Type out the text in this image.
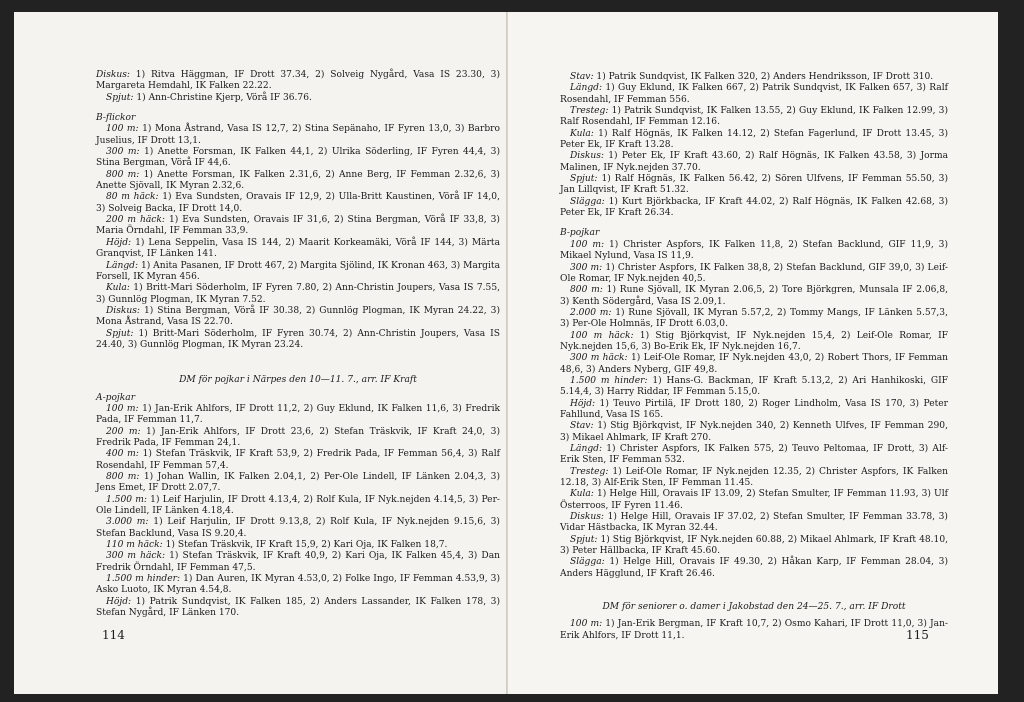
Diskus: 1) Ritva Häggman, IF Drott 37.34, 2) Solveig Nygård, Vasa IS 23.30, 3) Margareta Hemdahl, IK Falken 22.22.

Spjut: 1) Ann-Christine Kjerp, Vörå IF 36.76.

B-flickor

100 m: 1) Mona Åstrand, Vasa IS 12,7, 2) Stina Sepänaho, IF Fyren 13,0, 3) Barbro Juselius, IF Drott 13,1.

300 m: 1) Anette Forsman, IK Falken 44,1, 2) Ulrika Söderling, IF Fyren 44,4, 3) Stina Bergman, Vörå IF 44,6.

800 m: 1) Anette Forsman, IK Falken 2.31,6, 2) Anne Berg, IF Femman 2.32,6, 3) Anette Sjövall, IK Myran 2.32,6.

80 m häck: 1) Eva Sundsten, Oravais IF 12,9, 2) Ulla-Britt Kaustinen, Vörå IF 14,0, 3) Solveig Backa, IF Drott 14,0.

200 m häck: 1) Eva Sundsten, Oravais IF 31,6, 2) Stina Bergman, Vörå IF 33,8, 3) Maria Örndahl, IF Femman 33,9.

Höjd: 1) Lena Seppelin, Vasa IS 144, 2) Maarit Korkeamäki, Vörå IF 144, 3) Märta Granqvist, IF Länken 141.

Längd: 1) Anita Pasanen, IF Drott 467, 2) Margita Sjölind, IK Kronan 463, 3) Margita Forsell, IK Myran 456.

Kula: 1) Britt-Mari Söderholm, IF Fyren 7.80, 2) Ann-Christin Joupers, Vasa IS 7.55, 3) Gunnlög Plogman, IK Myran 7.52.

Diskus: 1) Stina Bergman, Vörå IF 30.38, 2) Gunnlög Plogman, IK Myran 24.22, 3) Mona Åstrand, Vasa IS 22.70.

Spjut: 1) Britt-Mari Söderholm, IF Fyren 30.74, 2) Ann-Christin Joupers, Vasa IS 24.40, 3) Gunnlög Plogman, IK Myran 23.24.

DM för pojkar i Närpes den 10—11. 7., arr. IF Kraft

A-pojkar

100 m: 1) Jan-Erik Ahlfors, IF Drott 11,2, 2) Guy Eklund, IK Falken 11,6, 3) Fredrik Pada, IF Femman 11,7.

200 m: 1) Jan-Erik Ahlfors, IF Drott 23,6, 2) Stefan Träskvik, IF Kraft 24,0, 3) Fredrik Pada, IF Femman 24,1.

400 m: 1) Stefan Träskvik, IF Kraft 53,9, 2) Fredrik Pada, IF Femman 56,4, 3) Ralf Rosendahl, IF Femman 57,4.

800 m: 1) Johan Wallin, IK Falken 2.04,1, 2) Per-Ole Lindell, IF Länken 2.04,3, 3) Jens Emet, IF Drott 2.07,7.

1.500 m: 1) Leif Harjulin, IF Drott 4.13,4, 2) Rolf Kula, IF Nyk.nejden 4.14,5, 3) Per-Ole Lindell, IF Länken 4.18,4.

3.000 m: 1) Leif Harjulin, IF Drott 9.13,8, 2) Rolf Kula, IF Nyk.nejden 9.15,6, 3) Stefan Backlund, Vasa IS 9.20,4.

110 m häck: 1) Stefan Träskvik, IF Kraft 15,9, 2) Kari Oja, IK Falken 18,7.

300 m häck: 1) Stefan Träskvik, IF Kraft 40,9, 2) Kari Oja, IK Falken 45,4, 3) Dan Fredrik Örndahl, IF Femman 47,5.

1.500 m hinder: 1) Dan Auren, IK Myran 4.53,0, 2) Folke Ingo, IF Femman 4.53,9, 3) Asko Luoto, IK Myran 4.54,8.

Höjd: 1) Patrik Sundqvist, IK Falken 185, 2) Anders Lassander, IK Falken 178, 3) Stefan Nygård, IF Länken 170.

114

Stav: 1) Patrik Sundqvist, IK Falken 320, 2) Anders Hendriksson, IF Drott 310.

Längd: 1) Guy Eklund, IK Falken 667, 2) Patrik Sundqvist, IK Falken 657, 3) Ralf Rosendahl, IF Femman 556.

Tresteg: 1) Patrik Sundqvist, IK Falken 13.55, 2) Guy Eklund, IK Falken 12.99, 3) Ralf Rosendahl, IF Femman 12.16.

Kula: 1) Ralf Högnäs, IK Falken 14.12, 2) Stefan Fagerlund, IF Drott 13.45, 3) Peter Ek, IF Kraft 13.28.

Diskus: 1) Peter Ek, IF Kraft 43.60, 2) Ralf Högnäs, IK Falken 43.58, 3) Jorma Malinen, IF Nyk.nejden 37.70.

Spjut: 1) Ralf Högnäs, IK Falken 56.42, 2) Sören Ulfvens, IF Femman 55.50, 3) Jan Lillqvist, IF Kraft 51.32.

Slägga: 1) Kurt Björkbacka, IF Kraft 44.02, 2) Ralf Högnäs, IK Falken 42.68, 3) Peter Ek, IF Kraft 26.34.

B-pojkar

100 m: 1) Christer Aspfors, IK Falken 11,8, 2) Stefan Backlund, GIF 11,9, 3) Mikael Nylund, Vasa IS 11,9.

300 m: 1) Christer Aspfors, IK Falken 38,8, 2) Stefan Backlund, GIF 39,0, 3) Leif-Ole Romar, IF Nyk.nejden 40,5.

800 m: 1) Rune Sjövall, IK Myran 2.06,5, 2) Tore Björkgren, Munsala IF 2.06,8, 3) Kenth Södergård, Vasa IS 2.09,1.

2.000 m: 1) Rune Sjövall, IK Myran 5.57,2, 2) Tommy Mangs, IF Länken 5.57,3, 3) Per-Ole Holmnäs, IF Drott 6.03,0.

100 m häck: 1) Stig Björkqvist, IF Nyk.nejden 15,4, 2) Leif-Ole Romar, IF Nyk.nejden 15,6, 3) Bo-Erik Ek, IF Nyk.nejden 16,7.

300 m häck: 1) Leif-Ole Romar, IF Nyk.nejden 43,0, 2) Robert Thors, IF Femman 48,6, 3) Anders Nyberg, GIF 49,8.

1.500 m hinder: 1) Hans-G. Backman, IF Kraft 5.13,2, 2) Ari Hanhikoski, GIF 5.14,4, 3) Harry Riddar, IF Femman 5.15,0.

Höjd: 1) Teuvo Pirtilä, IF Drott 180, 2) Roger Lindholm, Vasa IS 170, 3) Peter Fahllund, Vasa IS 165.

Stav: 1) Stig Björkqvist, IF Nyk.nejden 340, 2) Kenneth Ulfves, IF Femman 290, 3) Mikael Ahlmark, IF Kraft 270.

Längd: 1) Christer Aspfors, IK Falken 575, 2) Teuvo Peltomaa, IF Drott, 3) Alf-Erik Sten, IF Femman 532.

Tresteg: 1) Leif-Ole Romar, IF Nyk.nejden 12.35, 2) Christer Aspfors, IK Falken 12.18, 3) Alf-Erik Sten, IF Femman 11.45.

Kula: 1) Helge Hill, Oravais IF 13.09, 2) Stefan Smulter, IF Femman 11.93, 3) Ulf Österroos, IF Fyren 11.46.

Diskus: 1) Helge Hill, Oravais IF 37.02, 2) Stefan Smulter, IF Femman 33.78, 3) Vidar Hästbacka, IK Myran 32.44.

Spjut: 1) Stig Björkqvist, IF Nyk.nejden 60.88, 2) Mikael Ahlmark, IF Kraft 48.10, 3) Peter Hällbacka, IF Kraft 45.60.

Slägga: 1) Helge Hill, Oravais IF 49.30, 2) Håkan Karp, IF Femman 28.04, 3) Anders Hägglund, IF Kraft 26.46.

DM för seniorer o. damer i Jakobstad den 24—25. 7., arr. IF Drott

100 m: 1) Jan-Erik Bergman, IF Kraft 10,7, 2) Osmo Kahari, IF Drott 11,0, 3) Jan-Erik Ahlfors, IF Drott 11,1.	115
